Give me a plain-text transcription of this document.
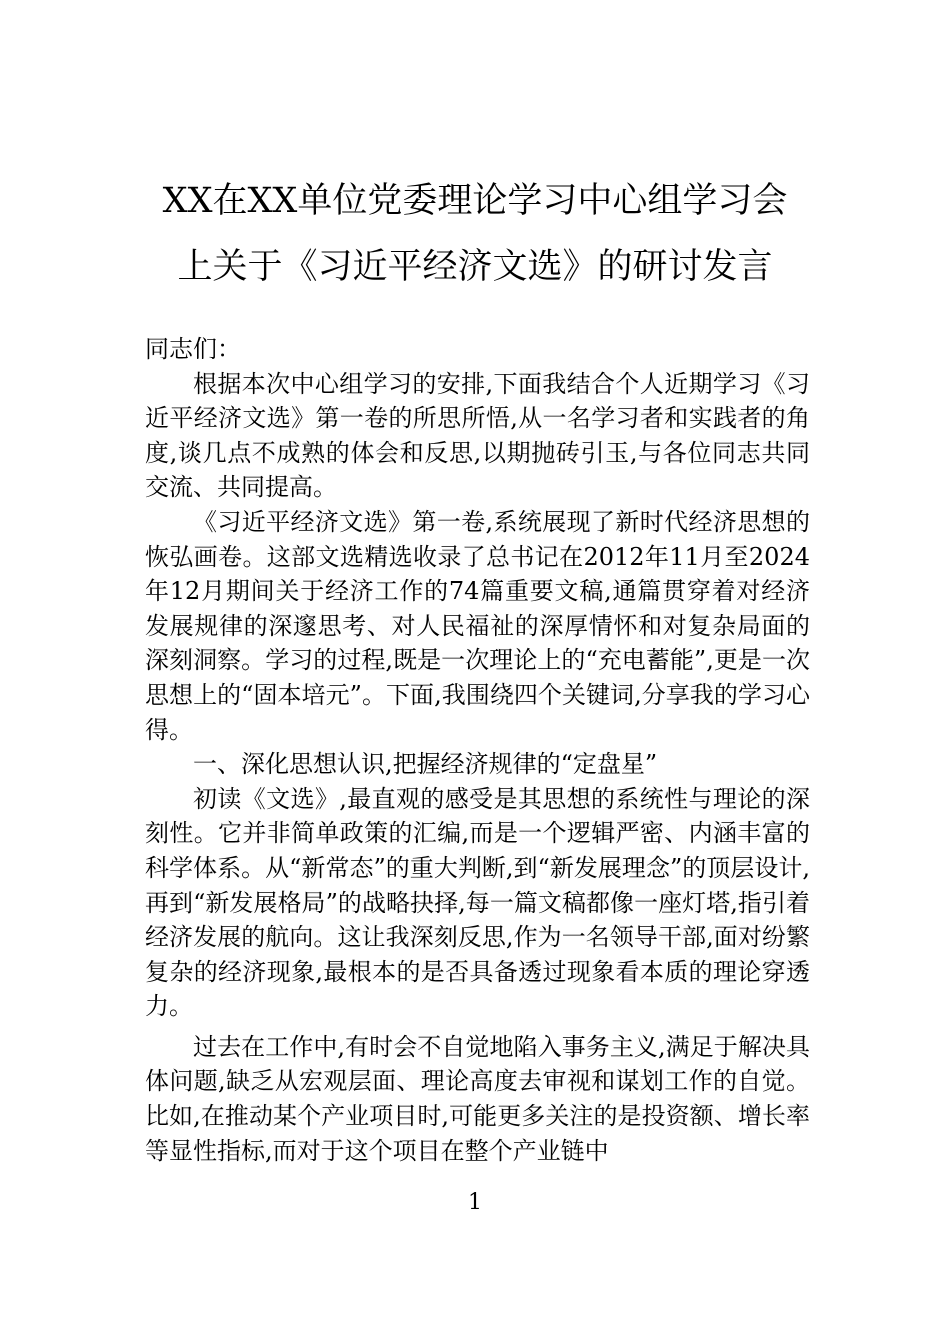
XX在XX单位党委理论学习中心组学习会
上关于《习近平经济文选》的研讨发言

同志们：

根据本次中心组学习的安排,下面我结合个人近期学习《习近平经济文选》第一卷的所思所悟,从一名学习者和实践者的角度,谈几点不成熟的体会和反思,以期抛砖引玉,与各位同志共同交流、共同提高。

《习近平经济文选》第一卷,系统展现了新时代经济思想的恢弘画卷。这部文选精选收录了总书记在2012年11月至2024年12月期间关于经济工作的74篇重要文稿,通篇贯穿着对经济发展规律的深邃思考、对人民福祉的深厚情怀和对复杂局面的深刻洞察。学习的过程,既是一次理论上的“充电蓄能”,更是一次思想上的“固本培元”。下面,我围绕四个关键词,分享我的学习心得。

一、深化思想认识,把握经济规律的“定盘星”

初读《文选》,最直观的感受是其思想的系统性与理论的深刻性。它并非简单政策的汇编,而是一个逻辑严密、内涵丰富的科学体系。从“新常态”的重大判断,到“新发展理念”的顶层设计,再到“新发展格局”的战略抉择,每一篇文稿都像一座灯塔,指引着经济发展的航向。这让我深刻反思,作为一名领导干部,面对纷繁复杂的经济现象,最根本的是否具备透过现象看本质的理论穿透力。

过去在工作中,有时会不自觉地陷入事务主义,满足于解决具体问题,缺乏从宏观层面、理论高度去审视和谋划工作的自觉。比如,在推动某个产业项目时,可能更多关注的是投资额、增长率等显性指标,而对于这个项目在整个产业链中

1
